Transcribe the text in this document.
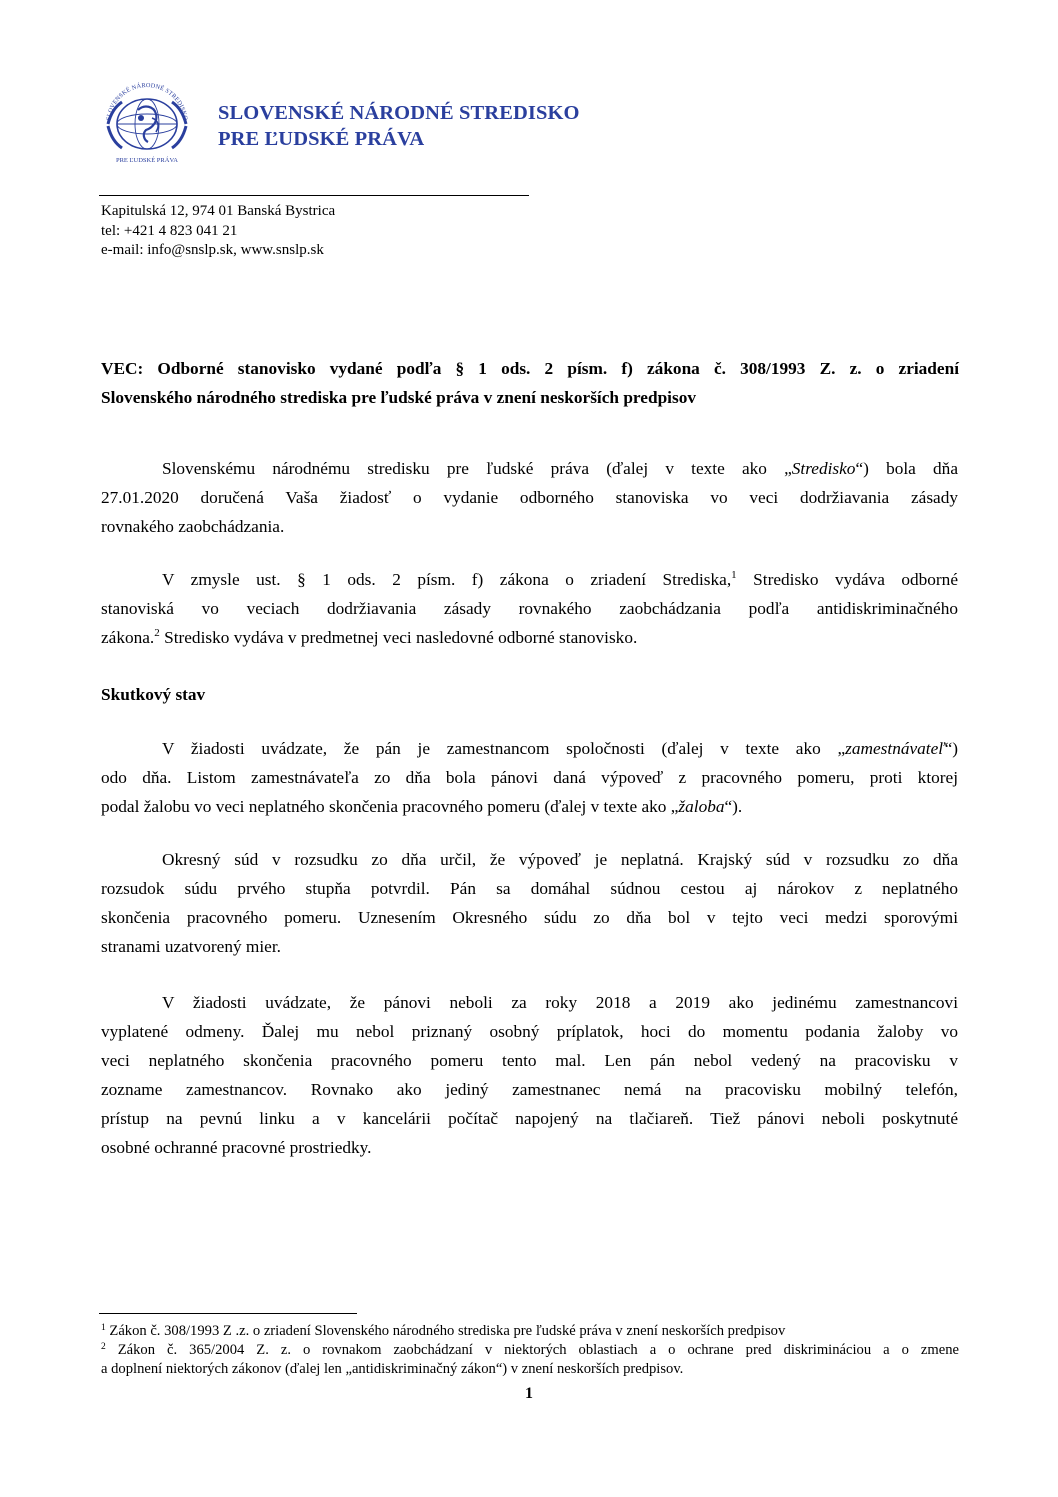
SLOVENSKÉ NÁRODNÉ STREDISKO
PRE ĽUDSKÉ PRÁVA
SLOVENSKÉ NÁRODNÉ STREDISKO
PRE ĽUDSKÉ PRÁVA
Kapitulská 12, 974 01 Banská Bystrica
tel: +421 4 823 041 21
e-mail: info@snslp.sk, www.snslp.sk
VEC: Odborné stanovisko vydané podľa § 1 ods. 2 písm. f) zákona č. 308/1993 Z. z. o zriadení
Slovenského národného strediska pre ľudské práva v znení neskorších predpisov
Slovenskému národnému stredisku pre ľudské práva (ďalej v texte ako „Stredisko“) bola dňa
27.01.2020 doručená Vaša žiadosť o vydanie odborného stanoviska vo veci dodržiavania zásady
rovnakého zaobchádzania.
V zmysle ust. § 1 ods. 2 písm. f) zákona o zriadení Strediska,$^1$ Stredisko vydáva odborné
stanoviská vo veciach dodržiavania zásady rovnakého zaobchádzania podľa antidiskriminačného
zákona.$^2$ Stredisko vydáva v predmetnej veci nasledovné odborné stanovisko.
Skutkový stav
V žiadosti uvádzate, že pán je zamestnancom spoločnosti (ďalej v texte ako „zamestnávateľ“)
odo dňa. Listom zamestnávateľa zo dňa bola pánovi daná výpoveď z pracovného pomeru, proti ktorej
podal žalobu vo veci neplatného skončenia pracovného pomeru (ďalej v texte ako „žaloba“).
Okresný súd v rozsudku zo dňa určil, že výpoveď je neplatná. Krajský súd v rozsudku zo dňa
rozsudok súdu prvého stupňa potvrdil. Pán sa domáhal súdnou cestou aj nárokov z neplatného
skončenia pracovného pomeru. Uznesením Okresného súdu zo dňa bol v tejto veci medzi sporovými
stranami uzatvorený mier.
V žiadosti uvádzate, že pánovi neboli za roky 2018 a 2019 ako jedinému zamestnancovi
vyplatené odmeny. Ďalej mu nebol priznaný osobný príplatok, hoci do momentu podania žaloby vo
veci neplatného skončenia pracovného pomeru tento mal. Len pán nebol vedený na pracovisku v
zozname zamestnancov. Rovnako ako jediný zamestnanec nemá na pracovisku mobilný telefón,
prístup na pevnú linku a v kancelárii počítač napojený na tlačiareň. Tiež pánovi neboli poskytnuté
osobné ochranné pracovné prostriedky.
$^1$ Zákon č. 308/1993 Z .z. o zriadení Slovenského národného strediska pre ľudské práva v znení neskorších predpisov
$^2$ Zákon č. 365/2004 Z. z. o rovnakom zaobchádzaní v niektorých oblastiach a o ochrane pred diskrimináciou a o zmene
a doplnení niektorých zákonov (ďalej len „antidiskriminačný zákon“) v znení neskorších predpisov.
1
